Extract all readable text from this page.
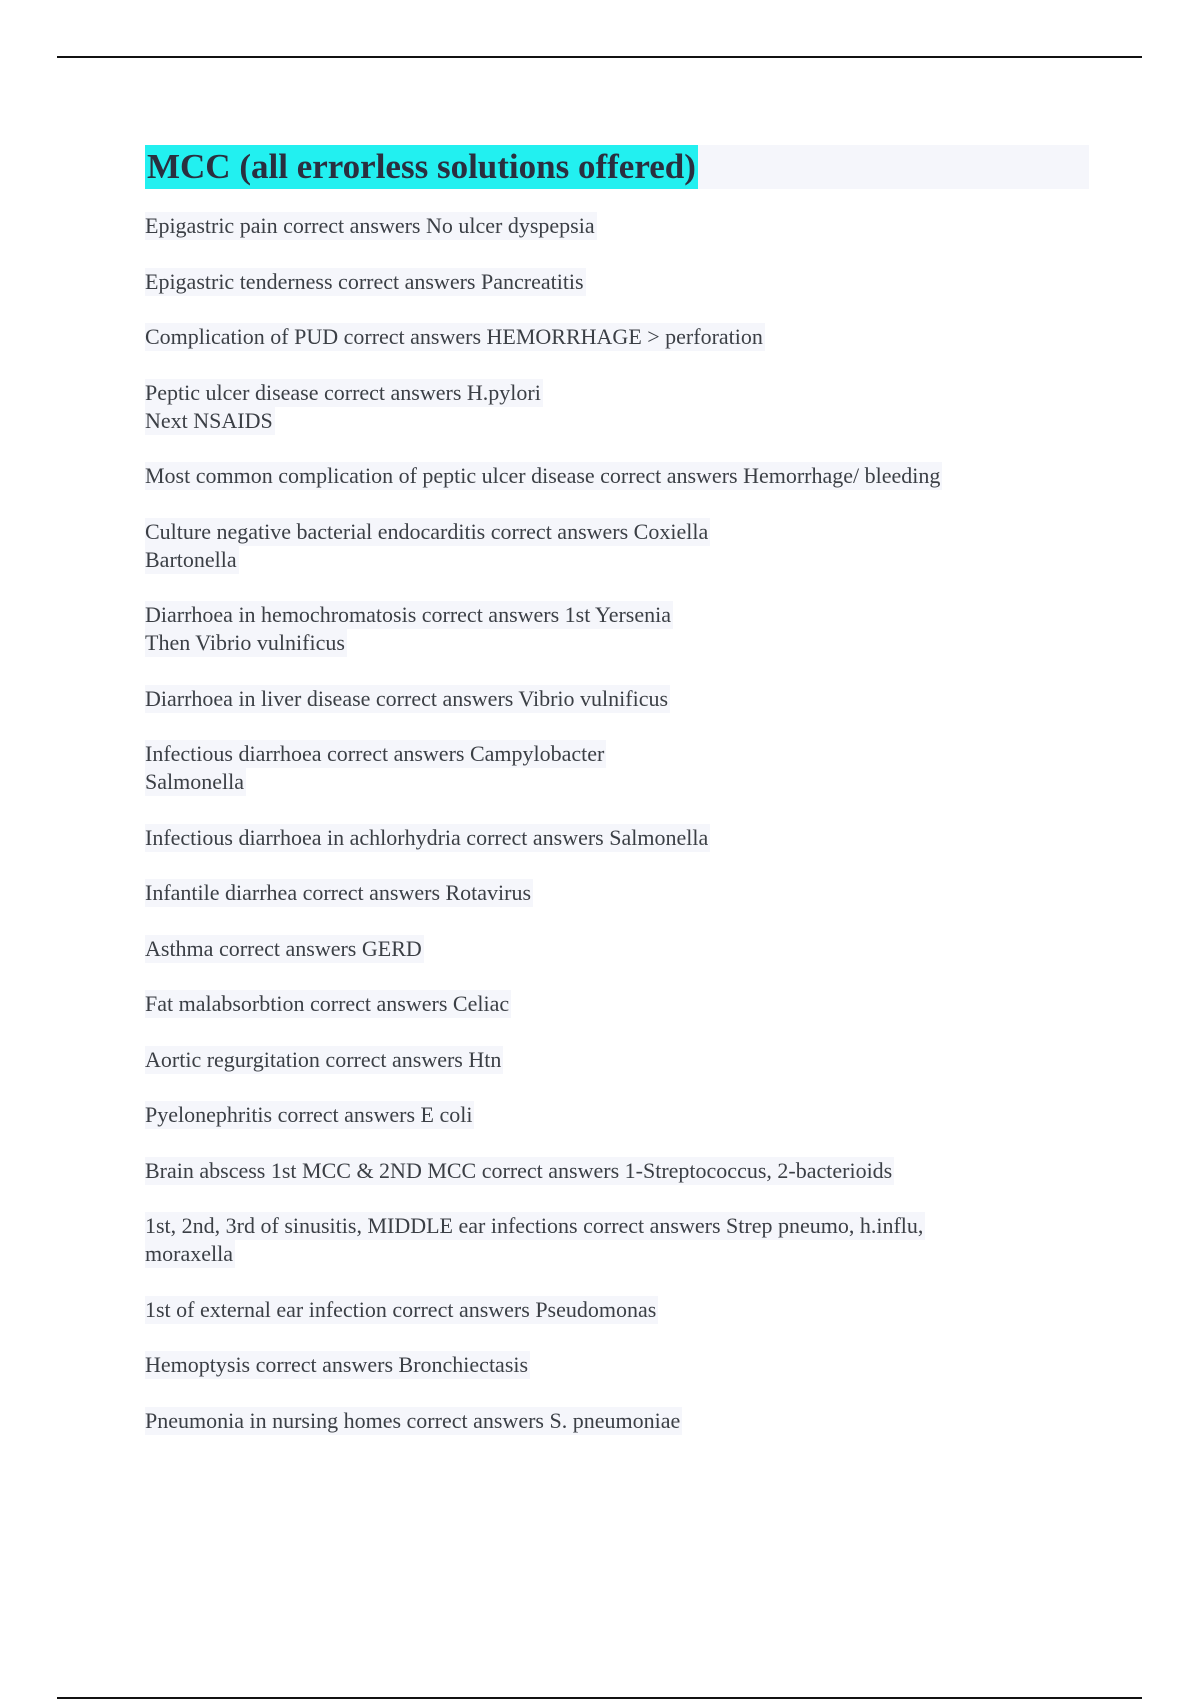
MCC (all errorless solutions offered)
Epigastric pain correct answers No ulcer dyspepsia
Epigastric tenderness correct answers Pancreatitis
Complication of PUD correct answers HEMORRHAGE > perforation
Peptic ulcer disease correct answers H.pylori
Next NSAIDS
Most common complication of peptic ulcer disease correct answers Hemorrhage/ bleeding
Culture negative bacterial endocarditis correct answers Coxiella
Bartonella
Diarrhoea in hemochromatosis correct answers 1st Yersenia
Then Vibrio vulnificus
Diarrhoea in liver disease correct answers Vibrio vulnificus
Infectious diarrhoea correct answers Campylobacter
Salmonella
Infectious diarrhoea in achlorhydria correct answers Salmonella
Infantile diarrhea correct answers Rotavirus
Asthma correct answers GERD
Fat malabsorbtion correct answers Celiac
Aortic regurgitation correct answers Htn
Pyelonephritis correct answers E coli
Brain abscess 1st MCC & 2ND MCC correct answers 1-Streptococcus, 2-bacterioids
1st, 2nd, 3rd of sinusitis, MIDDLE ear infections correct answers Strep pneumo, h.influ,
moraxella
1st of external ear infection correct answers Pseudomonas
Hemoptysis correct answers Bronchiectasis
Pneumonia in nursing homes correct answers S. pneumoniae
